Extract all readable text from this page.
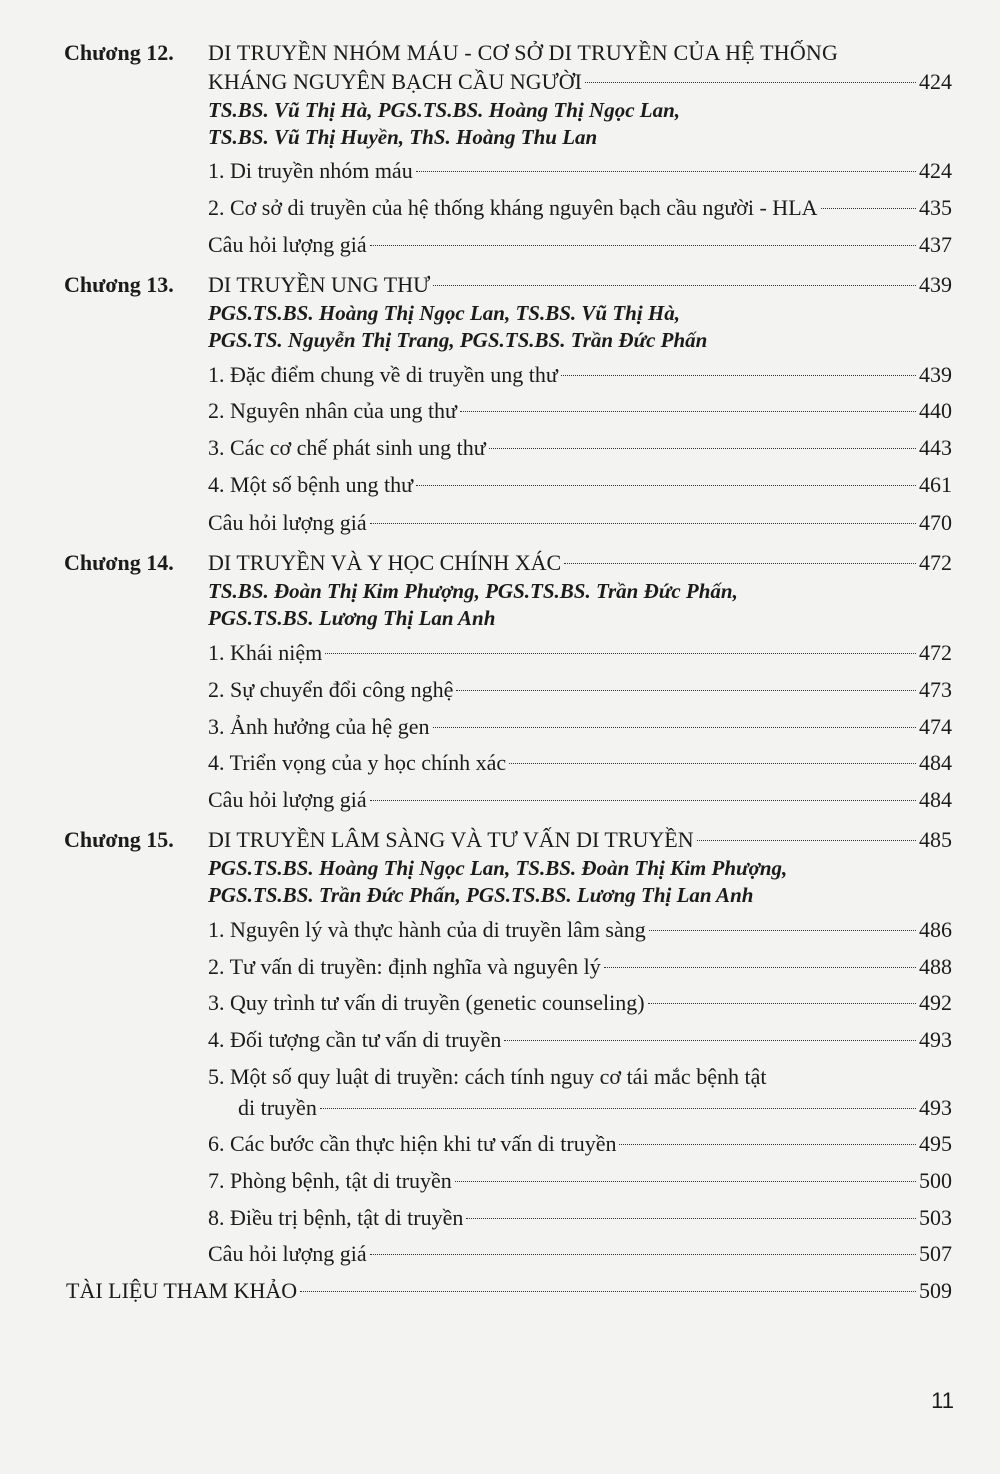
Chương 12. DI TRUYỀN NHÓM MÁU - CƠ SỞ DI TRUYỀN CỦA HỆ THỐNG
KHÁNG NGUYÊN BẠCH CẦU NGƯỜI	424
TS.BS. Vũ Thị Hà, PGS.TS.BS. Hoàng Thị Ngọc Lan,
TS.BS. Vũ Thị Huyền, ThS. Hoàng Thu Lan
1. Di truyền nhóm máu	424
2. Cơ sở di truyền của hệ thống kháng nguyên bạch cầu người - HLA	435
Câu hỏi lượng giá	437
Chương 13. DI TRUYỀN UNG THƯ	439
PGS.TS.BS. Hoàng Thị Ngọc Lan, TS.BS. Vũ Thị Hà,
PGS.TS. Nguyễn Thị Trang, PGS.TS.BS. Trần Đức Phấn
1. Đặc điểm chung về di truyền ung thư	439
2. Nguyên nhân của ung thư	440
3. Các cơ chế phát sinh ung thư	443
4. Một số bệnh ung thư	461
Câu hỏi lượng giá	470
Chương 14. DI TRUYỀN VÀ Y HỌC CHÍNH XÁC	472
TS.BS. Đoàn Thị Kim Phượng, PGS.TS.BS. Trần Đức Phấn,
PGS.TS.BS. Lương Thị Lan Anh
1. Khái niệm	472
2. Sự chuyển đổi công nghệ	473
3. Ảnh hưởng của hệ gen	474
4. Triển vọng của y học chính xác	484
Câu hỏi lượng giá	484
Chương 15. DI TRUYỀN LÂM SÀNG VÀ TƯ VẤN DI TRUYỀN	485
PGS.TS.BS. Hoàng Thị Ngọc Lan, TS.BS. Đoàn Thị Kim Phượng,
PGS.TS.BS. Trần Đức Phấn, PGS.TS.BS. Lương Thị Lan Anh
1. Nguyên lý và thực hành của di truyền lâm sàng	486
2. Tư vấn di truyền: định nghĩa và nguyên lý	488
3. Quy trình tư vấn di truyền (genetic counseling)	492
4. Đối tượng cần tư vấn di truyền	493
5. Một số quy luật di truyền: cách tính nguy cơ tái mắc bệnh tật
di truyền	493
6. Các bước cần thực hiện khi tư vấn di truyền	495
7. Phòng bệnh, tật di truyền	500
8. Điều trị bệnh, tật di truyền	503
Câu hỏi lượng giá	507
TÀI LIỆU THAM KHẢO	509
11
